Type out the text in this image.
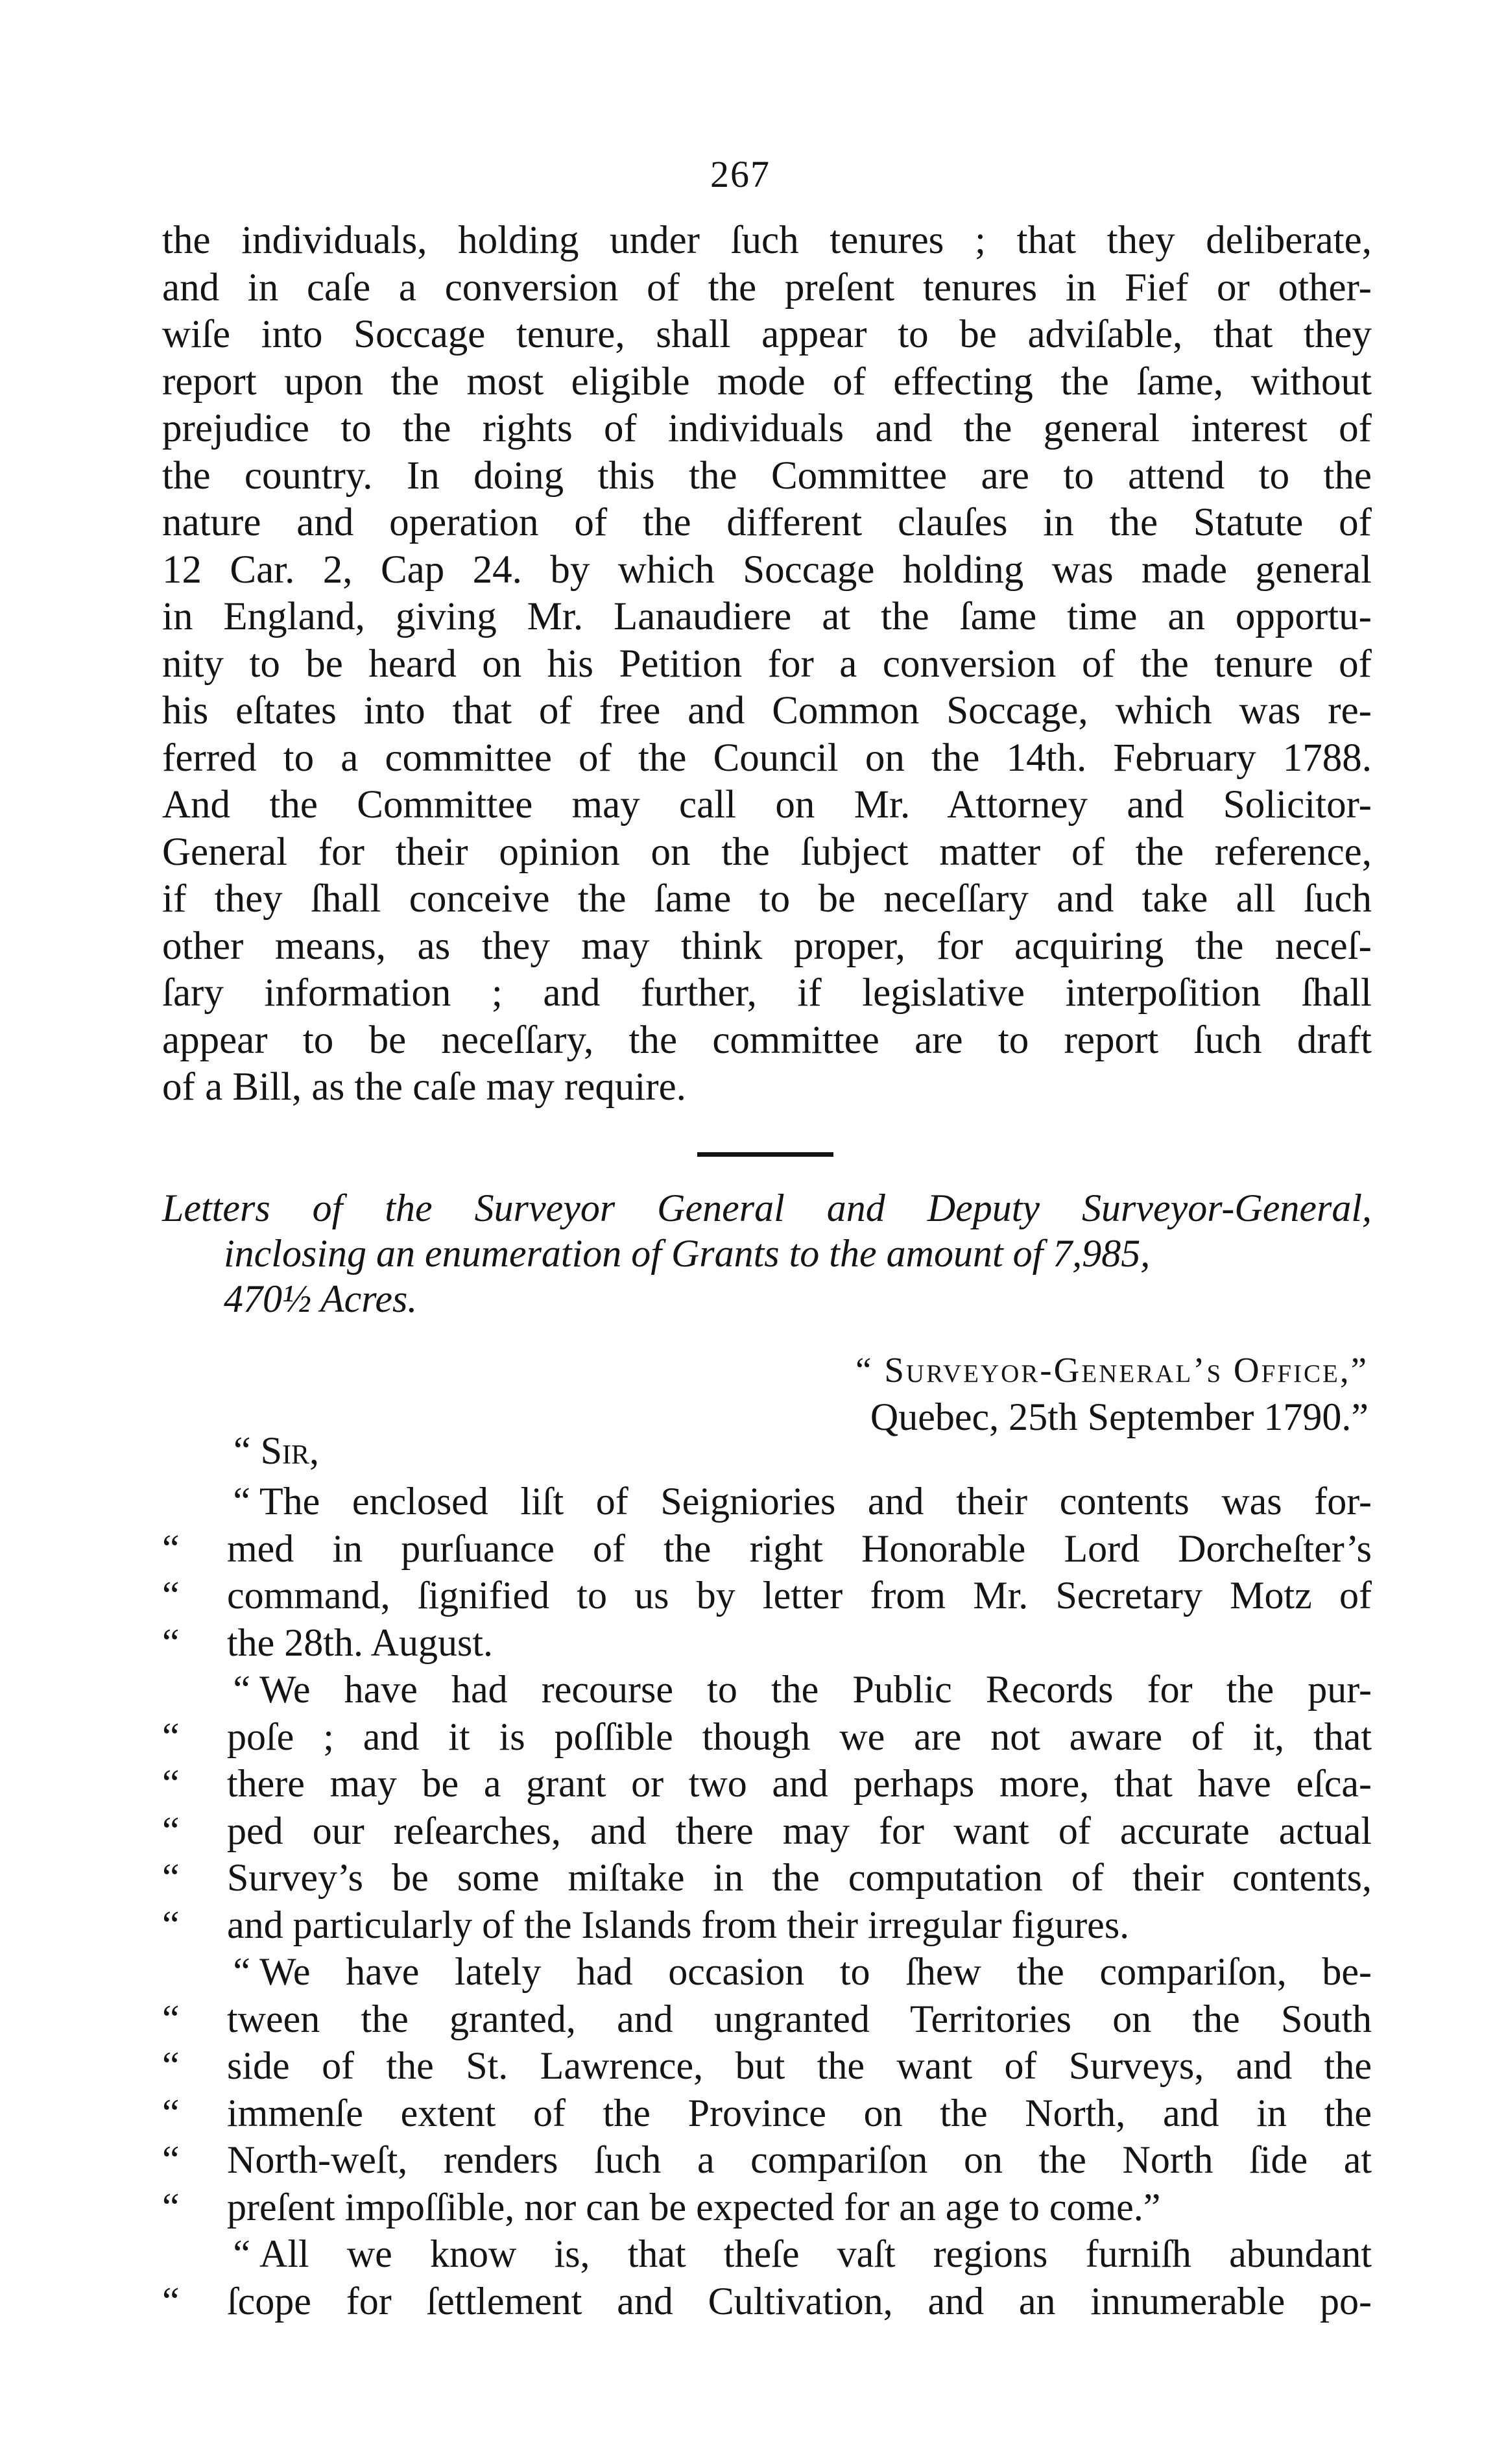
267
the individuals, holding under ſuch tenures ; that they deliberate,
and in caſe a conversion of the preſent tenures in Fief or other-
wiſe into Soccage tenure, shall appear to be adviſable, that they
report upon the most eligible mode of effecting the ſame, without
prejudice to the rights of individuals and the general interest of
the country. In doing this the Committee are to attend to the
nature and operation of the different clauſes in the Statute of
12 Car. 2, Cap 24. by which Soccage holding was made general
in England, giving Mr. Lanaudiere at the ſame time an opportu-
nity to be heard on his Petition for a conversion of the tenure of
his eſtates into that of free and Common Soccage, which was re-
ferred to a committee of the Council on the 14th. February 1788.
And the Committee may call on Mr. Attorney and Solicitor-
General for their opinion on the ſubject matter of the reference,
if they ſhall conceive the ſame to be neceſſary and take all ſuch
other means, as they may think proper, for acquiring the neceſ-
ſary information ; and further, if legislative interpoſition ſhall
appear to be neceſſary, the committee are to report ſuch draft
of a Bill, as the caſe may require.
Letters of the Surveyor General and Deputy Surveyor-General,
inclosing an enumeration of Grants to the amount of 7,985,
470½ Acres.
“ Surveyor-General’s Office,”
Quebec, 25th September 1790.”
“ Sir,
“ The enclosed liſt of Seigniories and their contents was for-
“	med in purſuance of the right Honorable Lord Dorcheſter’s
“	command, ſignified to us by letter from Mr. Secretary Motz of
“	the 28th. August.
“ We have had recourse to the Public Records for the pur-
“	poſe ; and it is poſſible though we are not aware of it, that
“	there may be a grant or two and perhaps more, that have eſca-
“	ped our reſearches, and there may for want of accurate actual
“	Survey’s be some miſtake in the computation of their contents,
“	and particularly of the Islands from their irregular figures.
“ We have lately had occasion to ſhew the compariſon, be-
“	tween the granted, and ungranted Territories on the South
“	side of the St. Lawrence, but the want of Surveys, and the
“	immenſe extent of the Province on the North, and in the
“	North-weſt, renders ſuch a compariſon on the North ſide at
“	preſent impoſſible, nor can be expected for an age to come.”
“ All we know is, that theſe vaſt regions furniſh abundant
“	ſcope for ſettlement and Cultivation, and an innumerable po-
